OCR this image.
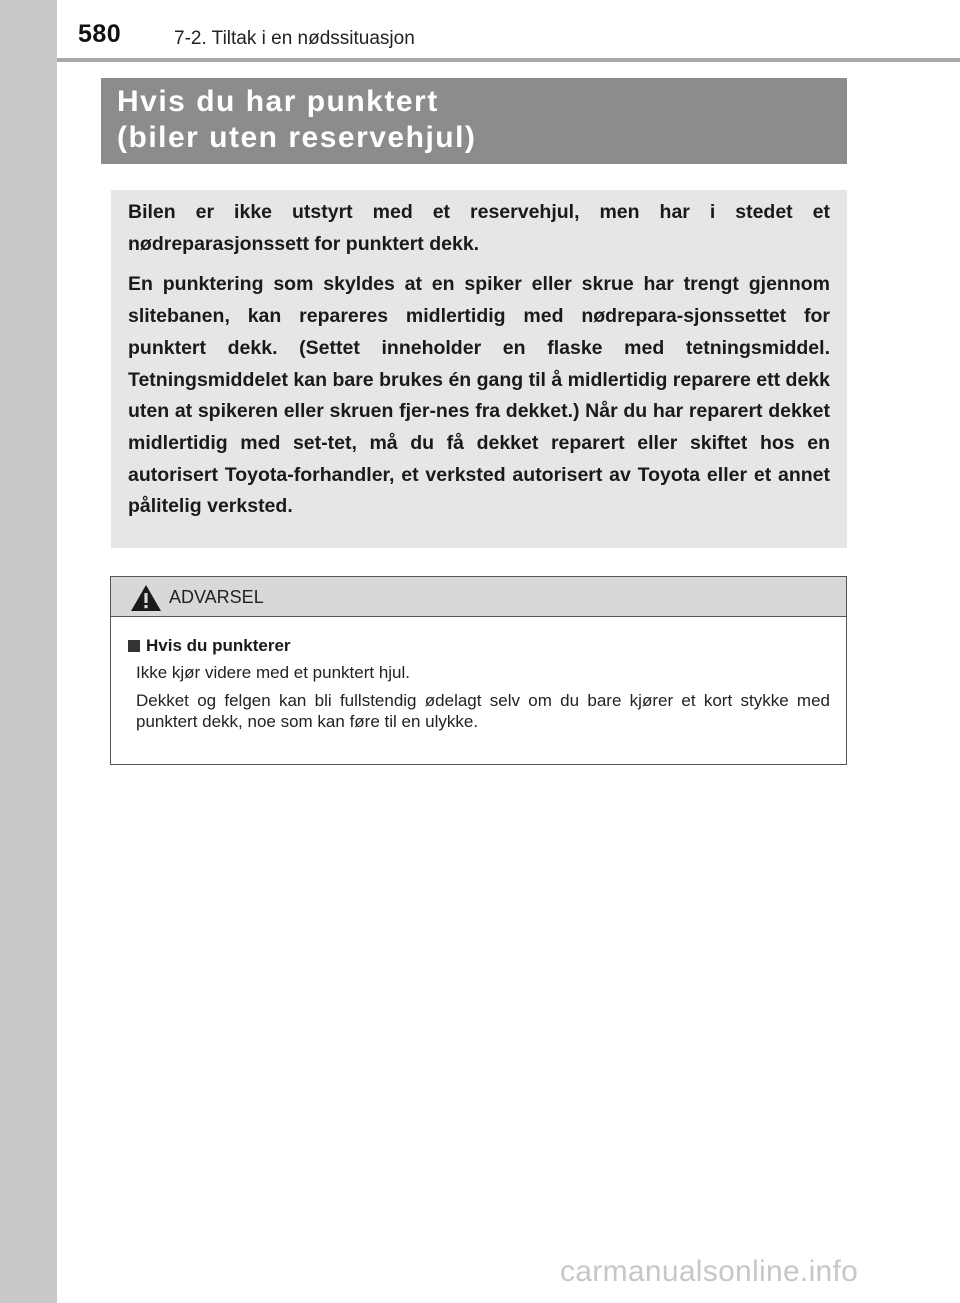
580	7-2. Tiltak i en nødssituasjon
Hvis du har punktert
(biler uten reservehjul)

Bilen er ikke utstyrt med et reservehjul, men har i stedet et nødreparasjonssett for punktert dekk.

En punktering som skyldes at en spiker eller skrue har trengt gjennom slitebanen, kan repareres midlertidig med nødrepara-sjonssettet for punktert dekk. (Settet inneholder en flaske med tetningsmiddel. Tetningsmiddelet kan bare brukes én gang til å midlertidig reparere ett dekk uten at spikeren eller skruen fjer-nes fra dekket.) Når du har reparert dekket midlertidig med set-tet, må du få dekket reparert eller skiftet hos en autorisert Toyota-forhandler, et verksted autorisert av Toyota eller et annet pålitelig verksted.

ADVARSEL
Hvis du punkterer

Ikke kjør videre med et punktert hjul.

Dekket og felgen kan bli fullstendig ødelagt selv om du bare kjører et kort stykke med punktert dekk, noe som kan føre til en ulykke.

carmanualsonline.info
